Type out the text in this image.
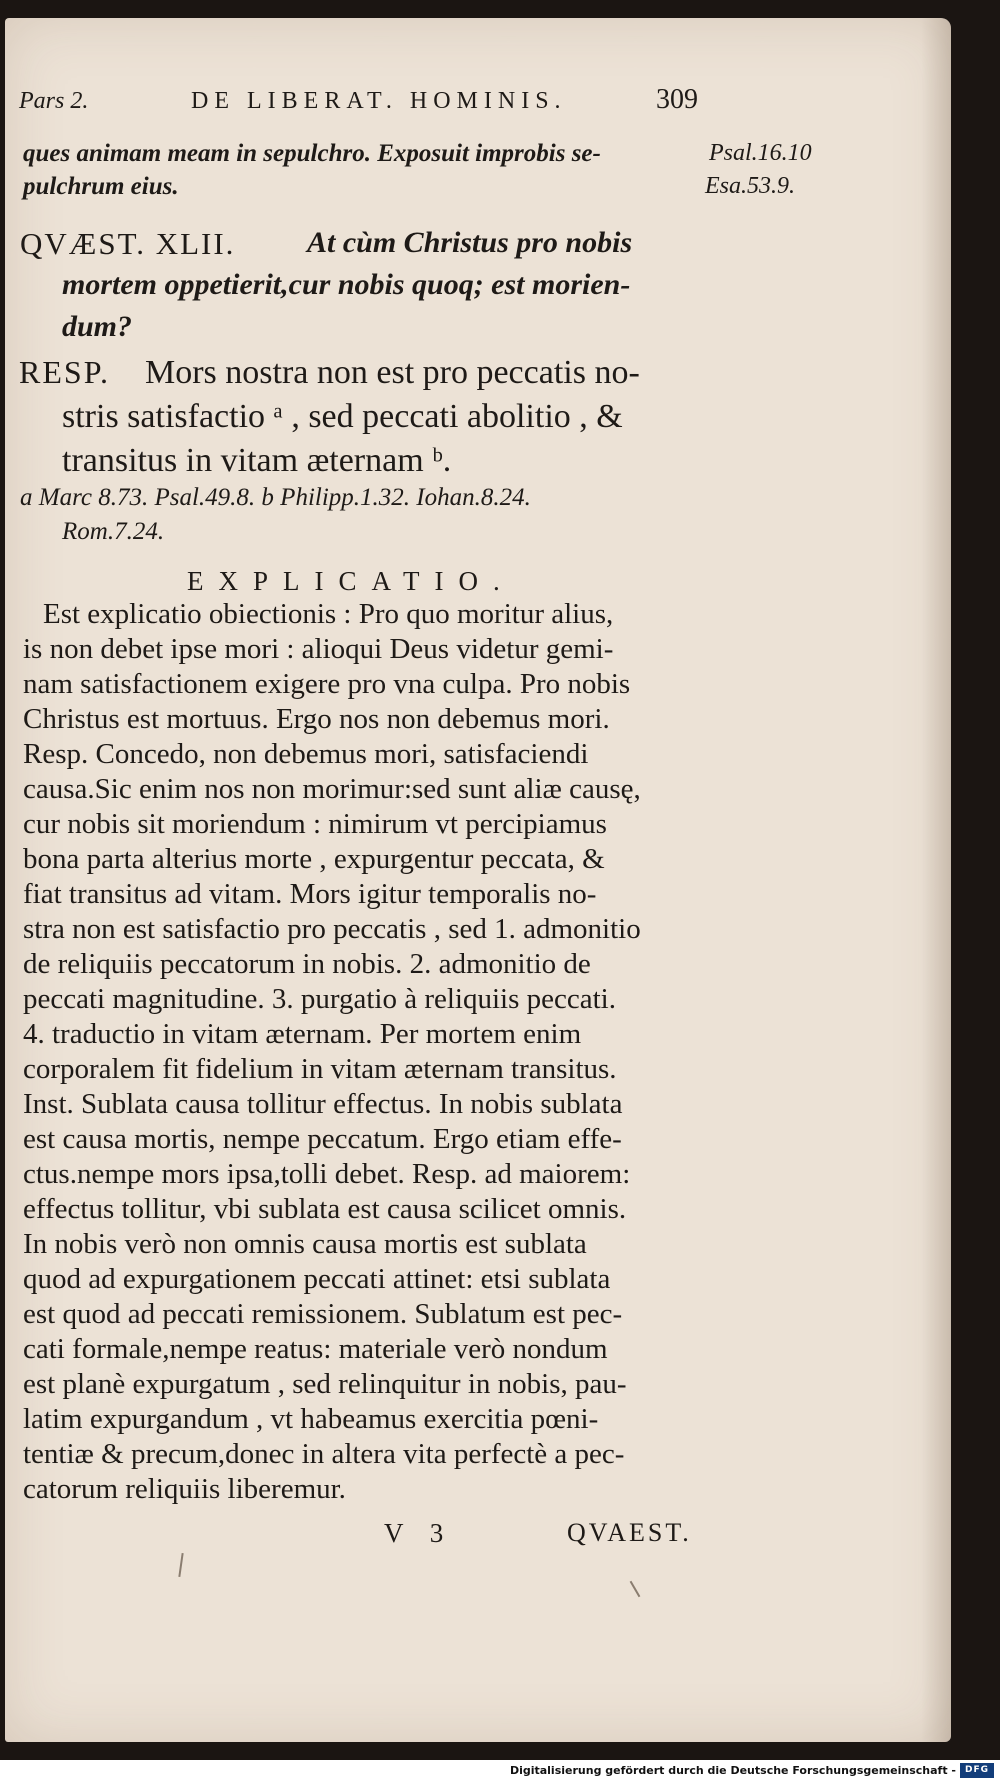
Pars 2.	DE LIBERAT. HOMINIS.	309
Psal.16.10
Esa.53.9.
ques animam meam in sepulchro. Exposuit improbis se-
pulchrum eius.
QVÆST. XLII. At cùm Christus pro nobis
mortem oppetierit,cur nobis quoq; est morien-
dum?
RESP. Mors nostra non est pro peccatis no-
stris satisfactio ᵃ , sed peccati abolitio , &
transitus in vitam æternam ᵇ.
a Marc 8.73. Psal.49.8. b Philipp.1.32. Iohan.8.24.
Rom.7.24.
EXPLICATIO.
Est explicatio obiectionis : Pro quo moritur alius,
is non debet ipse mori : alioqui Deus videtur gemi-
nam satisfactionem exigere pro vna culpa. Pro nobis
Christus est mortuus. Ergo nos non debemus mori.
Resp. Concedo, non debemus mori, satisfaciendi
causa.Sic enim nos non morimur:sed sunt aliæ causę,
cur nobis sit moriendum : nimirum vt percipiamus
bona parta alterius morte , expurgentur peccata, &
fiat transitus ad vitam. Mors igitur temporalis no-
stra non est satisfactio pro peccatis , sed 1. admonitio
de reliquiis peccatorum in nobis. 2. admonitio de
peccati magnitudine. 3. purgatio à reliquiis peccati.
4. traductio in vitam æternam. Per mortem enim
corporalem fit fidelium in vitam æternam transitus.
Inst. Sublata causa tollitur effectus. In nobis sublata
est causa mortis, nempe peccatum. Ergo etiam effe-
ctus.nempe mors ipsa,tolli debet. Resp. ad maiorem:
effectus tollitur, vbi sublata est causa scilicet omnis.
In nobis verò non omnis causa mortis est sublata
quod ad expurgationem peccati attinet: etsi sublata
est quod ad peccati remissionem. Sublatum est pec-
cati formale,nempe reatus: materiale verò nondum
est planè expurgatum , sed relinquitur in nobis, pau-
latim expurgandum , vt habeamus exercitia pœni-
tentiæ & precum,donec in altera vita perfectè a pec-
catorum reliquiis liberemur.
V 3	QVAEST.
Digitalisierung gefördert durch die Deutsche Forschungsgemeinschaft - DFG
